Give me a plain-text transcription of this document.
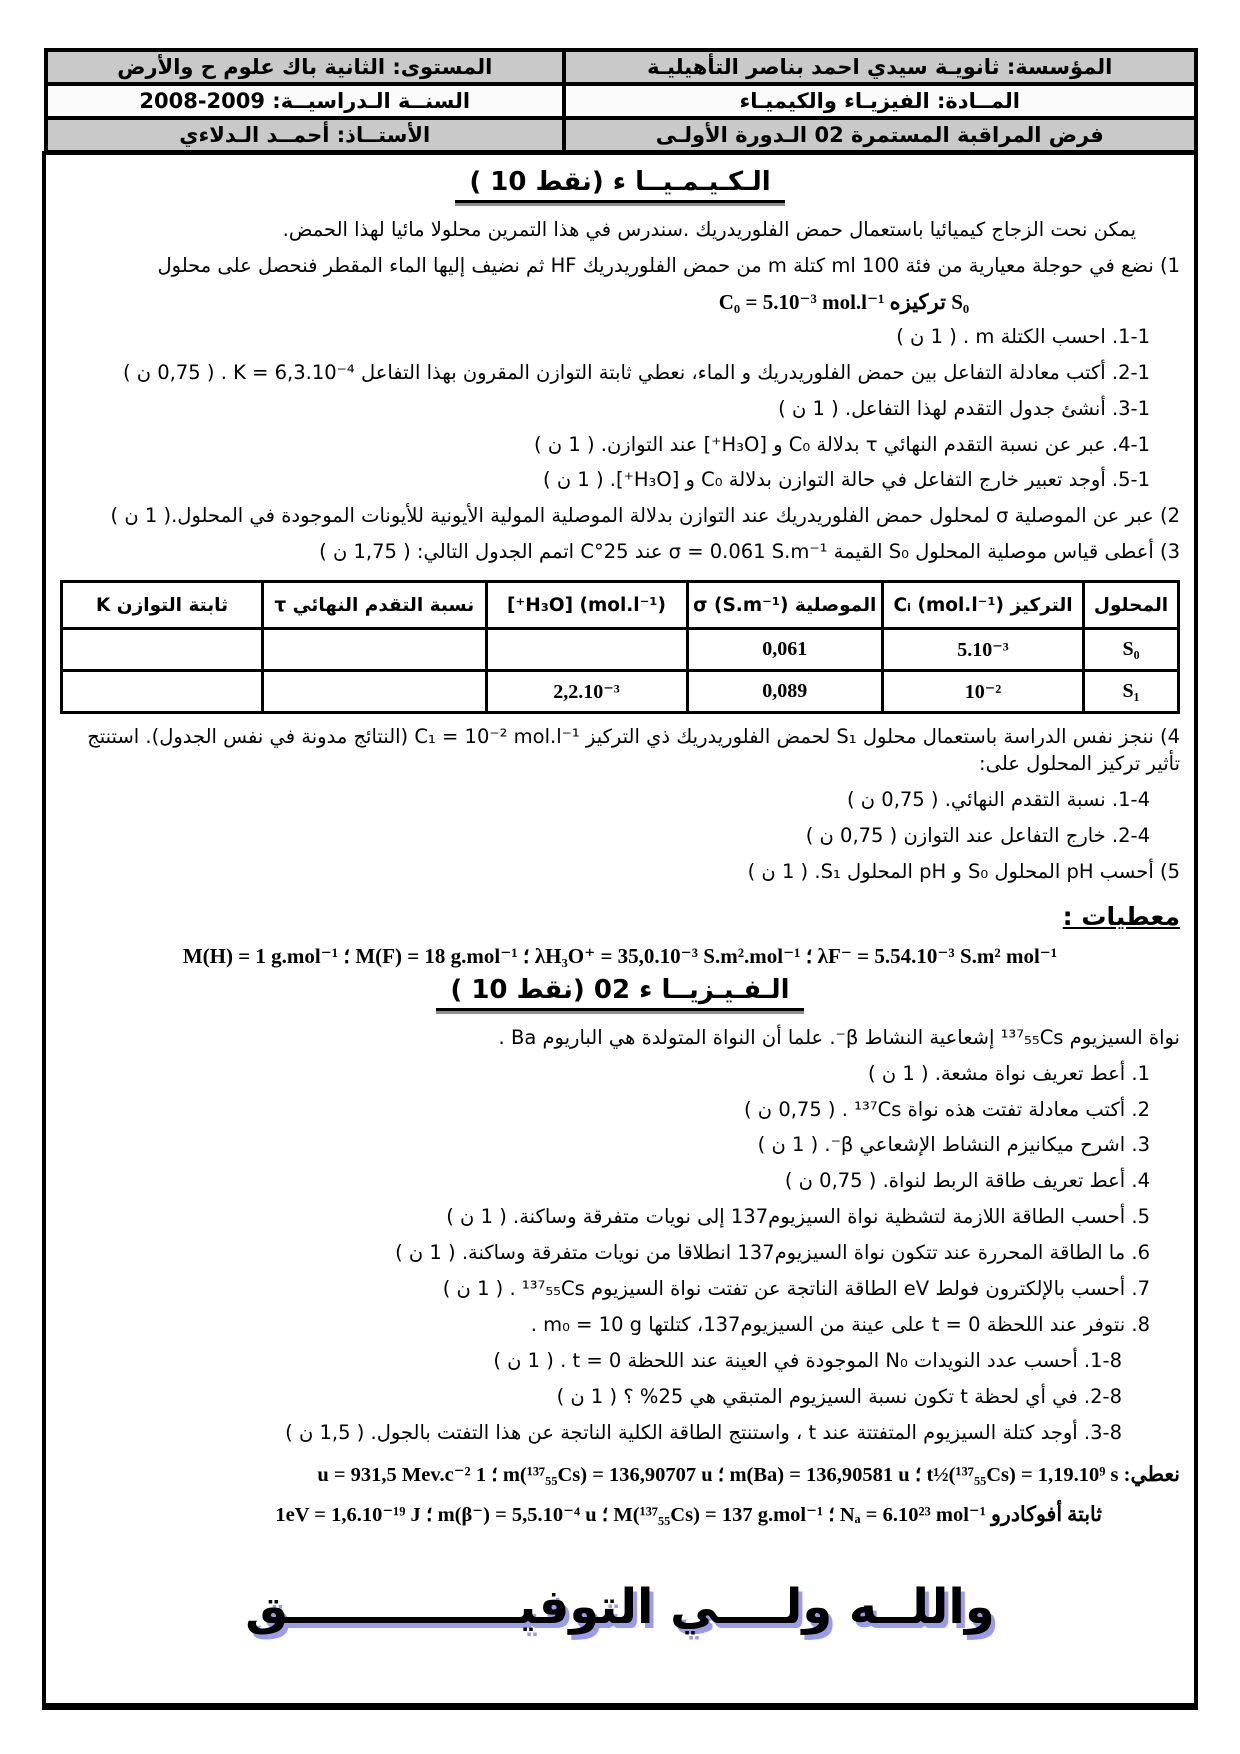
المؤسسة: ثانويـة سيدي احمد بناصر التأهيليـة	المستوى: الثانية باك علوم ح والأرض
المــادة: الفيزيـاء والكيميـاء	السنــة الـدراسيــة: 2009-2008
فرض المراقبة المستمرة 02 الـدورة الأولـى	الأستــاذ: أحمــد الـدلاءي
الـكـيـمـيــا ء ( 10 نقط)

يمكن نحت الزجاج كيميائيا باستعمال حمض الفلوريدريك .سندرس في هذا التمرين محلولا مائيا لهذا الحمض.

1) نضع في حوجلة معيارية من فئة 100 ml كتلة m من حمض الفلوريدريك HF ثم نضيف إليها الماء المقطر فنحصل على محلول

S₀ تركيزه C₀ = 5.10⁻³ mol.l⁻¹

1-1. احسب الكتلة m . ( 1 ن )

2-1. أكتب معادلة التفاعل بين حمض الفلوريدريك و الماء، نعطي ثابتة التوازن المقرون بهذا التفاعل K = 6,3.10⁻⁴ . ( 0,75 ن )

3-1. أنشئ جدول التقدم لهذا التفاعل. ( 1 ن )

4-1. عبر عن نسبة التقدم النهائي τ بدلالة C₀ و [H₃O⁺] عند التوازن. ( 1 ن )

5-1. أوجد تعبير خارج التفاعل في حالة التوازن بدلالة C₀ و [H₃O⁺]. ( 1 ن )

2) عبر عن الموصلية σ لمحلول حمض الفلوريدريك عند التوازن بدلالة الموصلية المولية الأيونية للأيونات الموجودة في المحلول.( 1 ن )

3) أعطى قياس موصلية المحلول S₀ القيمة σ = 0.061 S.m⁻¹ عند 25°C اتمم الجدول التالي: ( 1,75 ن )

المحلول	التركيز Cᵢ (mol.l⁻¹)	الموصلية σ (S.m⁻¹)	(mol.l⁻¹) [H₃O⁺]	نسبة التقدم النهائي τ	ثابتة التوازن K
S₀	5.10⁻³	0,061			
S₁	10⁻²	0,089	2,2.10⁻³		

4) ننجز نفس الدراسة باستعمال محلول S₁ لحمض الفلوريدريك ذي التركيز C₁ = 10⁻² mol.l⁻¹ (النتائج مدونة في نفس الجدول). استنتج تأثير تركيز المحلول على:

1-4. نسبة التقدم النهائي. ( 0,75 ن )

2-4. خارج التفاعل عند التوازن ( 0,75 ن )

5) أحسب pH المحلول S₀ و pH المحلول S₁. ( 1 ن )

معطيات :

M(H) = 1 g.mol⁻¹ ؛ M(F) = 18 g.mol⁻¹ ؛ λH₃O⁺ = 35,0.10⁻³ S.m².mol⁻¹ ؛ λF⁻ = 5.54.10⁻³ S.m² mol⁻¹

الـفـيـزيــا ء 02 ( 10 نقط)

نواة السيزيوم ¹³⁷₅₅Cs إشعاعية النشاط β⁻. علما أن النواة المتولدة هي الباريوم Ba .

1. أعط تعريف نواة مشعة. ( 1 ن )

2. أكتب معادلة تفتت هذه نواة ¹³⁷Cs . ( 0,75 ن )

3. اشرح ميكانيزم النشاط الإشعاعي β⁻. ( 1 ن )

4. أعط تعريف طاقة الربط لنواة. ( 0,75 ن )

5. أحسب الطاقة اللازمة لتشظية نواة السيزيوم137 إلى نويات متفرقة وساكنة. ( 1 ن )

6. ما الطاقة المحررة عند تتكون نواة السيزيوم137 انطلاقا من نويات متفرقة وساكنة. ( 1 ن )

7. أحسب بالإلكترون فولط eV الطاقة الناتجة عن تفتت نواة السيزيوم ¹³⁷₅₅Cs . ( 1 ن )

8. نتوفر عند اللحظة t = 0 على عينة من السيزيوم137، كتلتها m₀ = 10 g .

1-8. أحسب عدد النويدات N₀ الموجودة في العينة عند اللحظة t = 0 . ( 1 ن )

2-8. في أي لحظة t تكون نسبة السيزيوم المتبقي هي 25% ؟ ( 1 ن )

3-8. أوجد كتلة السيزيوم المتفتتة عند t ، واستنتج الطاقة الكلية الناتجة عن هذا التفتت بالجول. ( 1,5 ن )

نعطي: t½(¹³⁷₅₅Cs) = 1,19.10⁹ s ؛ m(Ba) = 136,90581 u ؛ m(¹³⁷₅₅Cs) = 136,90707 u ؛ 1 u = 931,5 Mev.c⁻²

ثابتة أفوكادرو Nₐ = 6.10²³ mol⁻¹ ؛ M(¹³⁷₅₅Cs) = 137 g.mol⁻¹ ؛ m(β⁻) = 5,5.10⁻⁴ u ؛ 1eV = 1,6.10⁻¹⁹ J

واللــه ولــــي التوفيــــــــــــــق
